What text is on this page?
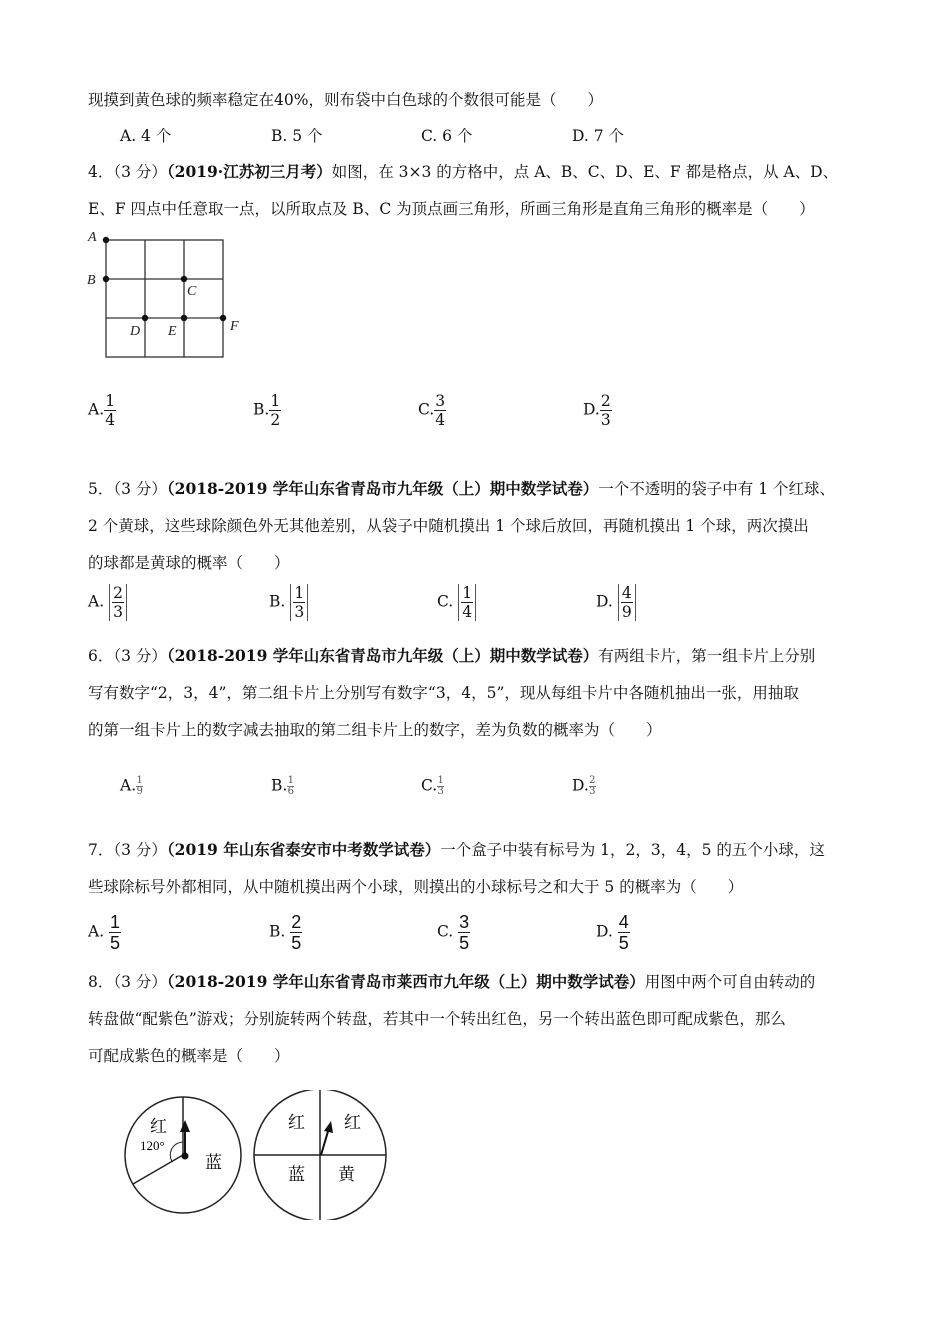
现摸到黄色球的频率稳定在40%，则布袋中白色球的个数很可能是（　　）
A. 4 个	B. 5 个	C. 6 个	D. 7 个
4．（3 分）（2019·江苏初三月考）如图，在 3×3 的方格中，点 A、B、C、D、E、F 都是格点，从 A、D、
E、F 四点中任意取一点，以所取点及 B、C 为顶点画三角形，所画三角形是直角三角形的概率是（　　）
A
B
C
D E	F
A. $\frac{1}{4}$	B. $\frac{1}{2}$	C. $\frac{3}{4}$	D. $\frac{2}{3}$
5．（3 分）（2018-2019 学年山东省青岛市九年级（上）期中数学试卷）一个不透明的袋子中有 1 个红球、
2 个黄球，这些球除颜色外无其他差别，从袋子中随机摸出 1 个球后放回，再随机摸出 1 个球，两次摸出
的球都是黄球的概率（　　）
A. $\frac{2}{3}$	B. $\frac{1}{3}$	C. $\frac{1}{4}$	D. $\frac{4}{9}$
6．（3 分）（2018-2019 学年山东省青岛市九年级（上）期中数学试卷）有两组卡片，第一组卡片上分别
写有数字“2，3，4”，第二组卡片上分别写有数字“3，4，5”，现从每组卡片中各随机抽出一张，用抽取
的第一组卡片上的数字减去抽取的第二组卡片上的数字，差为负数的概率为（　　）
A. $\frac{1}{9}$	B. $\frac{1}{6}$	C. $\frac{1}{3}$	D. $\frac{2}{3}$
7．（3 分）（2019 年山东省泰安市中考数学试卷）一个盒子中装有标号为 1，2，3，4，5 的五个小球，这
些球除标号外都相同，从中随机摸出两个小球，则摸出的小球标号之和大于 5 的概率为（　　）
A. $\frac{1}{5}$	B. $\frac{2}{5}$	C. $\frac{3}{5}$	D. $\frac{4}{5}$
8．（3 分）（2018-2019 学年山东省青岛市莱西市九年级（上）期中数学试卷）用图中两个可自由转动的
转盘做“配紫色”游戏；分别旋转两个转盘，若其中一个转出红色，另一个转出蓝色即可配成紫色，那么
可配成紫色的概率是（　　）
红
120°
蓝
红 红
蓝 黄
